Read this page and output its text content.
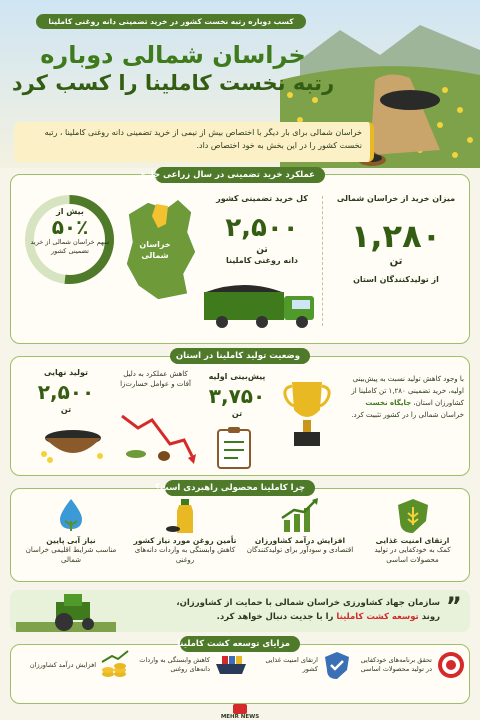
کسب دوباره رتبه نخست کشور در خرید تضمینی دانه روغنی کاملینا
خراسان شمالی دوباره
رتبه نخست کاملینا را کسب کرد
خراسان شمالی برای بار دیگر با اختصاص بیش از نیمی از خرید تضمینی دانه روغنی کاملینا ، رتبه نخست کشور را در این بخش به خود اختصاص داد.
عملکرد خرید تضمینی در سال زراعی جاری
بیش از
۵۰٪
سهم خراسان شمالی از خرید تضمینی کشور
خراسان شمالی
کل خرید تضمینی کشور
۲,۵۰۰
تن
دانه روغنی کاملینا
میزان خرید از خراسان شمالی
۱,۲۸۰
تن
از تولیدکنندگان استان
وضعیت تولید کاملینا در استان
تولید نهایی
۲,۵۰۰
تن
کاهش عملکرد به دلیل آفات و عوامل خسارت‌زا
پیش‌بینی اولیه
۳,۷۵۰
تن
با وجود کاهش تولید نسبت به پیش‌بینی اولیه، خرید تضمینی ۱,۲۸۰ تن کاملینا از کشاورزان استان، جایگاه نخست خراسان شمالی را در کشور تثبیت کرد.
چرا کاملینا محصولی راهبردی است؟
ارتقای امنیت غذایی
کمک به خودکفایی در تولید محصولات اساسی
افزایش درآمد کشاورزان
اقتصادی و سودآور برای تولیدکنندگان
تأمین روغن مورد نیاز کشور
کاهش وابستگی به واردات دانه‌های روغنی
نیاز آبی پایین
مناسب شرایط اقلیمی خراسان شمالی
سازمان جهاد کشاورزی خراسان شمالی با حمایت از کشاورزان،
روند توسعه کشت کاملینا را با جدیت دنبال خواهد کرد.	”
مزایای توسعه کشت کاملینا
تحقق برنامه‌های خودکفایی در تولید محصولات اساسی
ارتقای امنیت غذایی کشور
کاهش وابستگی به واردات دانه‌های روغنی
افزایش درآمد کشاورزان
MEHR NEWS
